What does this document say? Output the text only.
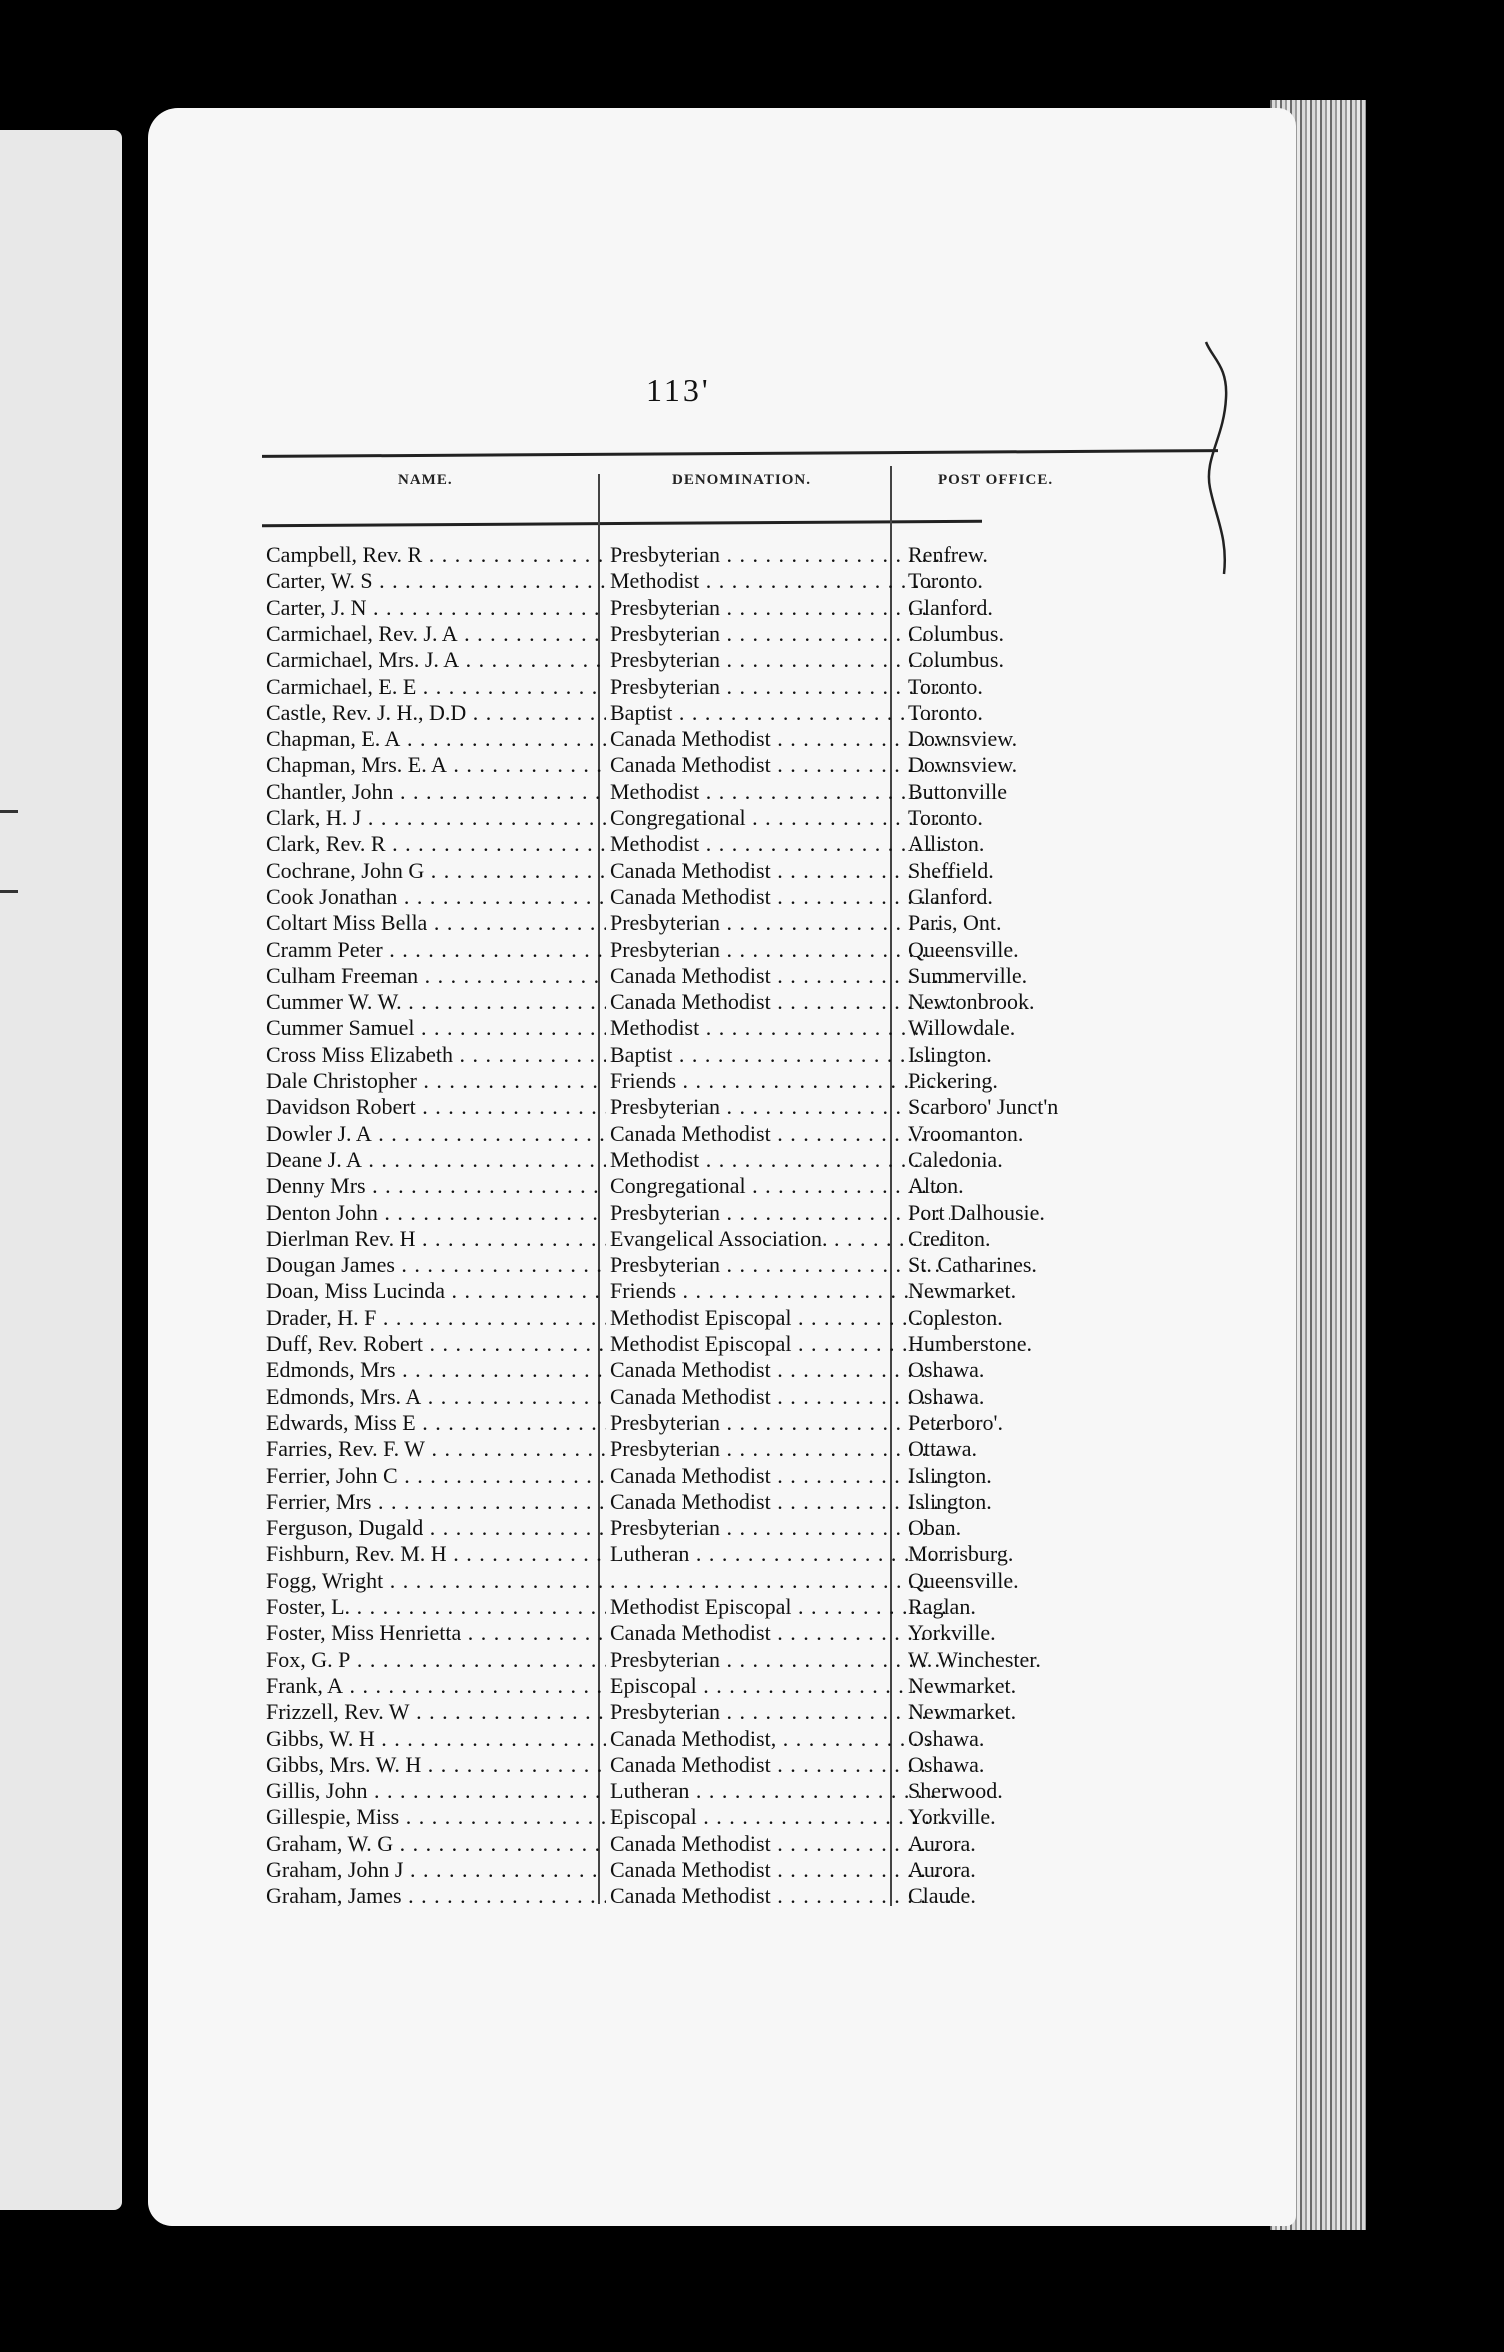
113'
NAME.	DENOMINATION.	POST OFFICE.
Campbell, Rev. R . . .	Presbyterian . . .	Renfrew.
Carter, W. S . . .	Methodist . . .	Toronto.
Carter, J. N . . .	Presbyterian . . .	Glanford.
Carmichael, Rev. J. A . . .	Presbyterian . . .	Columbus.
Carmichael, Mrs. J. A . . .	Presbyterian . . .	Columbus.
Carmichael, E. E . . .	Presbyterian . . .	Toronto.
Castle, Rev. J. H., D.D . . .	Baptist . . .	Toronto.
Chapman, E. A . . .	Canada Methodist . . .	Downsview.
Chapman, Mrs. E. A . . .	Canada Methodist . . .	Downsview.
Chantler, John . . .	Methodist . . .	Buttonville
Clark, H. J . . .	Congregational . . .	Toronto.
Clark, Rev. R . . .	Methodist . . .	Alliston.
Cochrane, John G . . .	Canada Methodist . . .	Sheffield.
Cook Jonathan . . .	Canada Methodist . . .	Glanford.
Coltart Miss Bella . . .	Presbyterian . . .	Paris, Ont.
Cramm Peter . . .	Presbyterian . . .	Queensville.
Culham Freeman . . .	Canada Methodist . . .	Summerville.
Cummer W. W. . . .	Canada Methodist . . .	Newtonbrook.
Cummer Samuel . . .	Methodist . . .	Willowdale.
Cross Miss Elizabeth . . .	Baptist . . .	Islington.
Dale Christopher . . .	Friends . . .	Pickering.
Davidson Robert . . .	Presbyterian . . .	Scarboro' Junct'n
Dowler J. A . . .	Canada Methodist . . .	Vroomanton.
Deane J. A . . .	Methodist . . .	Caledonia.
Denny Mrs . . .	Congregational . . .	Alton.
Denton John . . .	Presbyterian . . .	Port Dalhousie.
Dierlman Rev. H . . .	Evangelical Association. . . .	Crediton.
Dougan James . . .	Presbyterian . . .	St. Catharines.
Doan, Miss Lucinda . . .	Friends . . .	Newmarket.
Drader, H. F . . .	Methodist Episcopal . . .	Copleston.
Duff, Rev. Robert . . .	Methodist Episcopal . . .	Humberstone.
Edmonds, Mrs . . .	Canada Methodist . . .	Oshawa.
Edmonds, Mrs. A . . .	Canada Methodist . . .	Oshawa.
Edwards, Miss E . . .	Presbyterian . . .	Peterboro'.
Farries, Rev. F. W . . .	Presbyterian . . .	Ottawa.
Ferrier, John C . . .	Canada Methodist . . .	Islington.
Ferrier, Mrs . . .	Canada Methodist . . .	Islington.
Ferguson, Dugald . . .	Presbyterian . . .	Oban.
Fishburn, Rev. M. H . . .	Lutheran . . .	Morrisburg.
Fogg, Wright . . .
. . .	Queensville.
Foster, L. . . .	Methodist Episcopal . . .	Raglan.
Foster, Miss Henrietta . . .	Canada Methodist . . .	Yorkville.
Fox, G. P . . .	Presbyterian . . .	W. Winchester.
Frank, A . . .	Episcopal . . .	Newmarket.
Frizzell, Rev. W . . .	Presbyterian . . .	Newmarket.
Gibbs, W. H . . .	Canada Methodist, . . .	Oshawa.
Gibbs, Mrs. W. H . . .	Canada Methodist . . .	Oshawa.
Gillis, John . . .	Lutheran . . .	Sherwood.
Gillespie, Miss . . .	Episcopal . . .	Yorkville.
Graham, W. G . . .	Canada Methodist . . .	Aurora.
Graham, John J . . .	Canada Methodist . . .	Aurora.
Graham, James . . .	Canada Methodist . . .	Claude.
